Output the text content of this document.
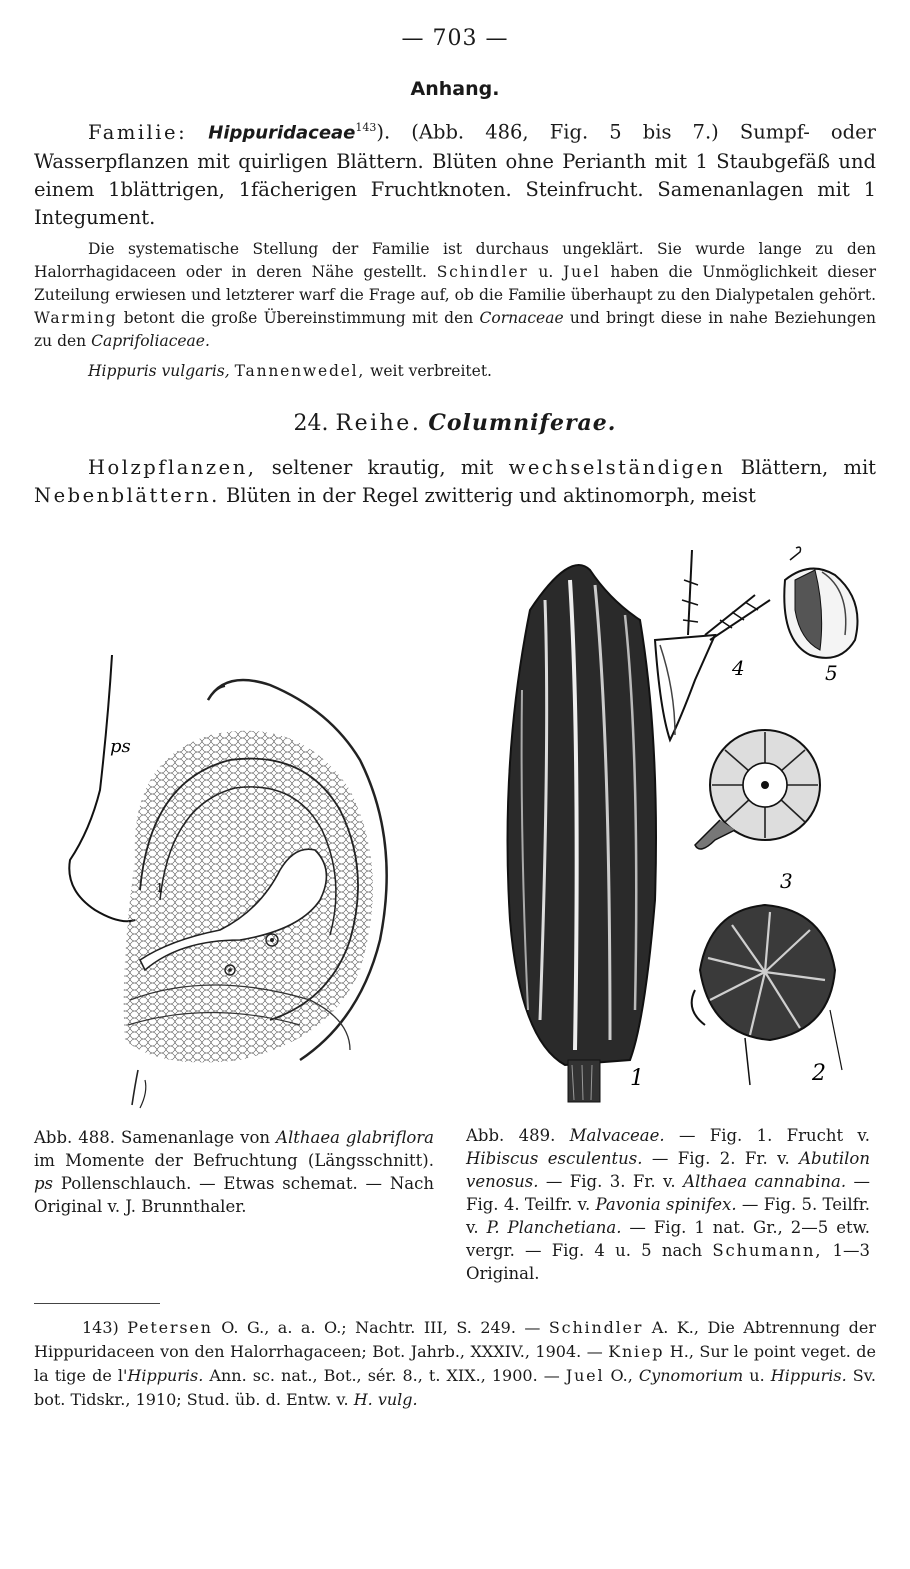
— 703 —
Anhang.
Familie: Hippuridaceae$^{143}$). (Abb. 486, Fig. 5 bis 7.) Sumpf- oder Wasserpflanzen mit quirligen Blättern. Blüten ohne Perianth mit 1 Staubgefäß und einem 1blättrigen, 1fächerigen Fruchtknoten. Steinfrucht. Samenanlagen mit 1 Integument.
Die systematische Stellung der Familie ist durchaus ungeklärt. Sie wurde lange zu den Halorrhagidaceen oder in deren Nähe gestellt. Schindler u. Juel haben die Unmöglichkeit dieser Zuteilung erwiesen und letzterer warf die Frage auf, ob die Familie überhaupt zu den Dialypetalen gehört. Warming betont die große Übereinstimmung mit den Cornaceae und bringt diese in nahe Beziehungen zu den Caprifoliaceae.
Hippuris vulgaris, Tannenwedel, weit verbreitet.
24. Reihe. Columniferae.
Holzpflanzen, seltener krautig, mit wechselständigen Blättern, mit Nebenblättern. Blüten in der Regel zwitterig und aktinomorph, meist
ps
1
1
4	5
3
2
Abb. 488. Samenanlage von Althaea glabriflora im Momente der Befruchtung (Längsschnitt). ps Pollenschlauch. — Etwas schemat. — Nach Original v. J. Brunnthaler.
Abb. 489. Malvaceae. — Fig. 1. Frucht v. Hibiscus esculentus. — Fig. 2. Fr. v. Abutilon venosus. — Fig. 3. Fr. v. Althaea cannabina. — Fig. 4. Teilfr. v. Pavonia spinifex. — Fig. 5. Teilfr. v. P. Planchetiana. — Fig. 1 nat. Gr., 2—5 etw. vergr. — Fig. 4 u. 5 nach Schumann, 1—3 Original.
143) Petersen O. G., a. a. O.; Nachtr. III, S. 249. — Schindler A. K., Die Abtrennung der Hippuridaceen von den Halorrhagaceen; Bot. Jahrb., XXXIV., 1904. — Kniep H., Sur le point veget. de la tige de l'Hippuris. Ann. sc. nat., Bot., sér. 8., t. XIX., 1900. — Juel O., Cynomorium u. Hippuris. Sv. bot. Tidskr., 1910; Stud. üb. d. Entw. v. H. vulg.
